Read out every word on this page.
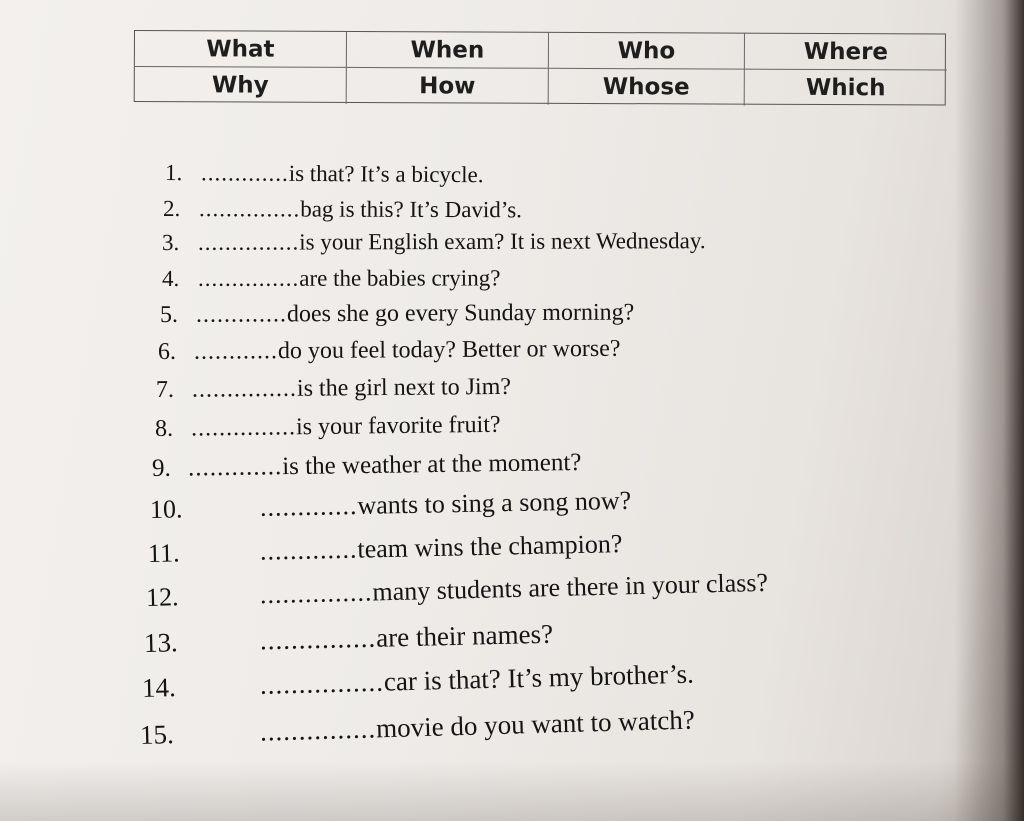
What	When	Who	Where
Why	How	Whose	Which
1. .............is that? It’s a bicycle.
2. ...............bag is this? It’s David’s.
3. ...............is your English exam? It is next Wednesday.
4. ...............are the babies crying?
5. .............does she go every Sunday morning?
6. ............do you feel today? Better or worse?
7. ...............is the girl next to Jim?
8. ...............is your favorite fruit?
9. .............is the weather at the moment?
10.	.............wants to sing a song now?
11.	.............team wins the champion?
12.	...............many students are there in your class?
13.	...............are their names?
14.	................car is that? It’s my brother’s.
15.	...............movie do you want to watch?
